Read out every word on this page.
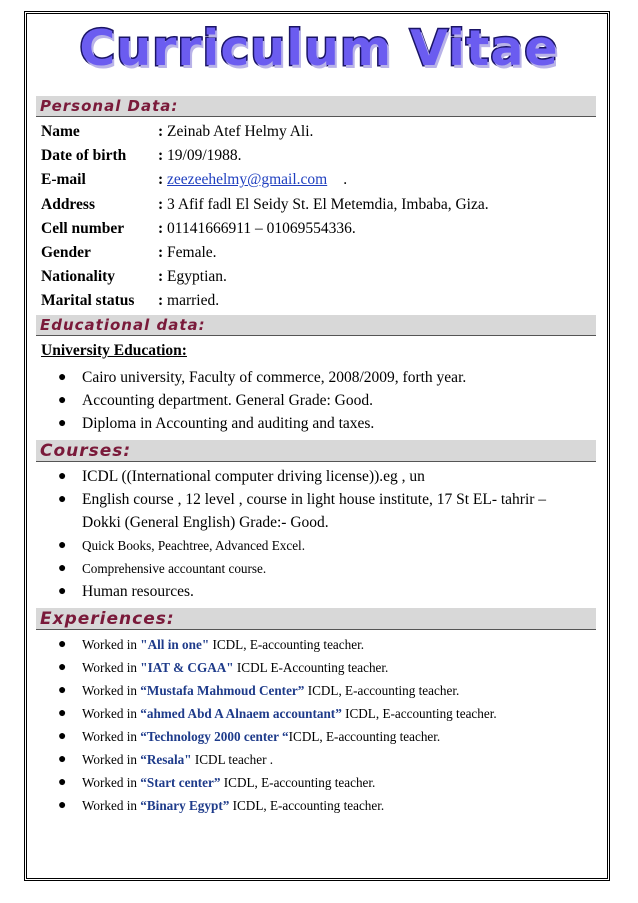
Curriculum Vitae
Personal Data:
Name	: Zeinab Atef Helmy Ali.
Date of birth : 19/09/1988.
E-mail	: zeezeehelmy@gmail.com .
Address	: 3 Afif fadl El Seidy St. El Metemdia, Imbaba, Giza.
Cell number : 01141666911 – 01069554336.
Gender	: Female.
Nationality	: Egyptian.
Marital status : married.
Educational data:
University Education:
● Cairo university, Faculty of commerce, 2008/2009, forth year.
● Accounting department. General Grade: Good.
● Diploma in Accounting and auditing and taxes.
Courses:
● ICDL ((International computer driving license)).eg , un
● English course , 12 level , course in light house institute, 17 St EL- tahrir –
Dokki (General English) Grade:- Good.
● Quick Books, Peachtree, Advanced Excel.
● Comprehensive accountant course.
● Human resources.
Experiences:
● Worked in "All in one" ICDL, E-accounting teacher.
● Worked in "IAT & CGAA" ICDL E-Accounting teacher.
● Worked in “Mustafa Mahmoud Center” ICDL, E-accounting teacher.
● Worked in “ahmed Abd A Alnaem accountant” ICDL, E-accounting teacher.
● Worked in “Technology 2000 center “ICDL, E-accounting teacher.
● Worked in “Resala" ICDL teacher .
● Worked in “Start center” ICDL, E-accounting teacher.
● Worked in “Binary Egypt” ICDL, E-accounting teacher.
